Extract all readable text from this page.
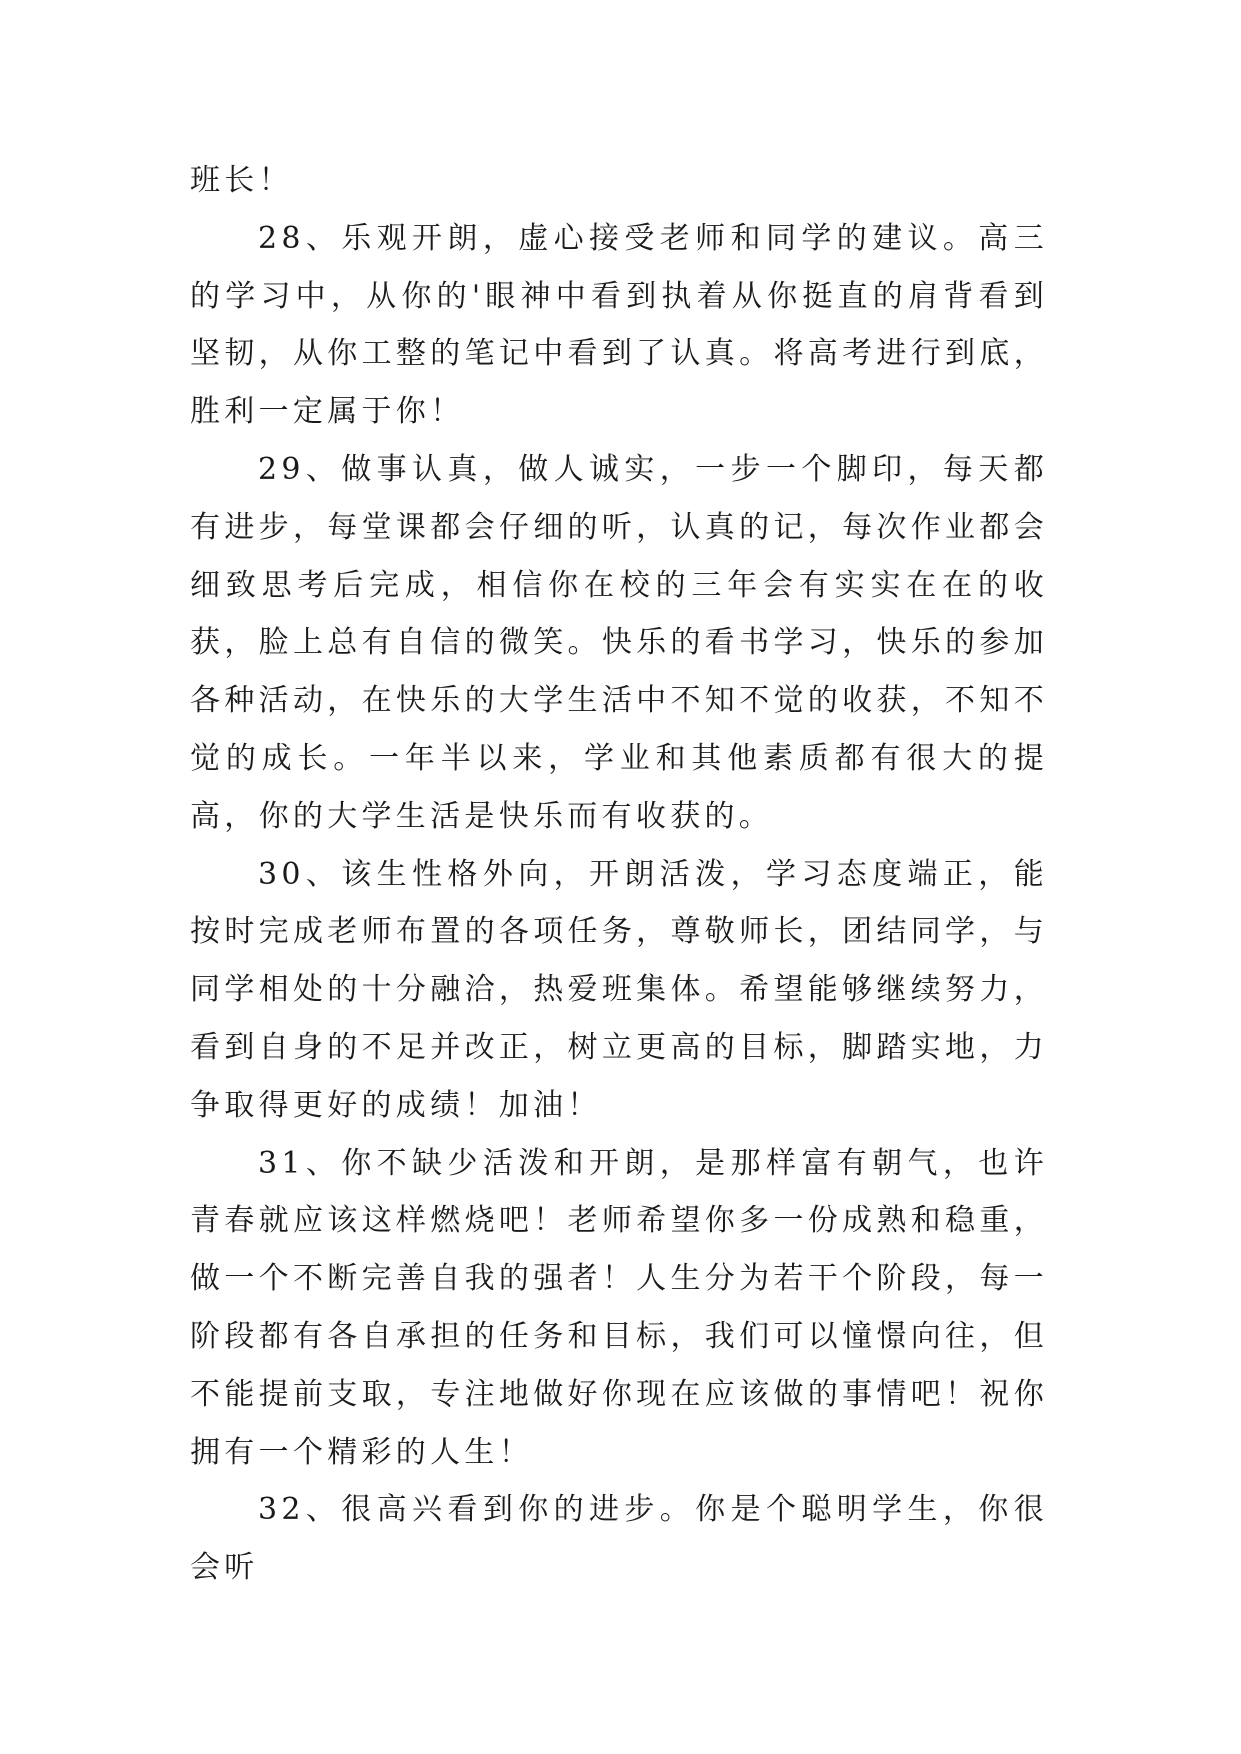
班长！

28、乐观开朗，虚心接受老师和同学的建议。高三的学习中，从你的'眼神中看到执着从你挺直的肩背看到坚韧，从你工整的笔记中看到了认真。将高考进行到底，胜利一定属于你！

29、做事认真，做人诚实，一步一个脚印，每天都有进步，每堂课都会仔细的听，认真的记，每次作业都会细致思考后完成，相信你在校的三年会有实实在在的收获，脸上总有自信的微笑。快乐的看书学习，快乐的参加各种活动，在快乐的大学生活中不知不觉的收获，不知不觉的成长。一年半以来，学业和其他素质都有很大的提高，你的大学生活是快乐而有收获的。

30、该生性格外向，开朗活泼，学习态度端正，能按时完成老师布置的各项任务，尊敬师长，团结同学，与同学相处的十分融洽，热爱班集体。希望能够继续努力，看到自身的不足并改正，树立更高的目标，脚踏实地，力争取得更好的成绩！加油！

31、你不缺少活泼和开朗，是那样富有朝气，也许青春就应该这样燃烧吧！老师希望你多一份成熟和稳重，做一个不断完善自我的强者！人生分为若干个阶段，每一阶段都有各自承担的任务和目标，我们可以憧憬向往，但不能提前支取，专注地做好你现在应该做的事情吧！祝你拥有一个精彩的人生！

32、很高兴看到你的进步。你是个聪明学生，你很会听
